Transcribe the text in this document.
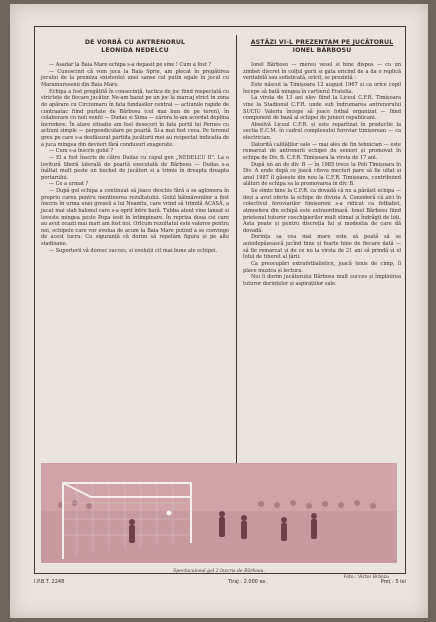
DE VORBĂ CU ANTRENORUL
LEONIDA NEDELCU

— Asadar la Baia Mare echipa s-a depasit pe sine ! Cum a fost ?

— Cunoscind că vom juca la Baia Sprie, am plecat în pregătirea jocului de la premiza existentei unei sanse cel putin egale în jocul cu Maramuresenii din Baia Mare.

Echipa a fost pregătită în consecință, tactica de joc fiind respectată cu strictețe de fiecare jucător. Ne-am bazat pe un joc la marcaj strict în zona de apărare cu Circiumaru în fata fundasilor central — actiunile rapide de contraatac fiind purtate de Bărbosu (cel mai bun de pe teren), în colaborare cu noii veniti — Dudas si Sima — cărora le-am acordat deplina încredere. În atare situatie am fost desecori în fata portii lui Pernes cu actiuni simple — perpendiculare pe poartă. Si-a mai fost ceva. Pe terenul greu pe care s-a desfăsurat partida jucătorii mei au respectat indicatia de a juca mingea din deviieri fără condusuri exagerate.

— Cum s-a înscris golul ?

— El a fost înscris de către Dudas cu capul gen „NEDELCU II". La o lovitură liberă laterală de poartă executată de Bărbosu — Dudas s-a înăltat mult peste un buchet de jucători si a trimis în dreapta dreapta portarului.

— Ce a urmat ?

— După gol echipa a continuat să joace deschis fără a se aglomera în propriu careu pentru mentinerea rezultatului. Golul bălmăreniilor a fost înscris în urma unei greșeli a lui Neamtu, care vrind să trimită ACASĂ, a jucat mai slab balonul care s-a oprit între bară. Tubba atent vine lansat si loveste mingea peste Popa iesit în întimpinare. În repriza doua cei care au avut ocazii mai mari am fost noi. Orlcum rezultatul este valoros pentru noi, echipele care vor evolua de acum la Baia Mare putind a se convinge de acest lucru. Cu siguranță că dorim să repetăm figura și pe alte stadioane.

— Suporterii vă doresc succes, si evoluții cit mai bune ale echipei.

ASTĂZI VI-L PREZENTAM PE JUCĂTORUL
IONEL BĂRBOSU

Ionel Bărbosu — mereu vesel si bine dispus — cu un zimbet discret în colțul gurii si gata oricind de a da o replică veritabilă sau sofisticată, oricit, se prezintă :

Este născut la Timișoara 12 august 1967 si ca orice copil începe să bată mingea în cartierul Fratelia.

La virsta de 13 ani elev fiind la Liceul C.F.R. Timișoara vine la Stadionul C.F.R. unde sub îndrumarea antrenorului SUCIU Valeriu începe să joace fotbal organizat — fiind component de bază al echipei de juniori republicani.

Absolvă Liceul C.F.R. și este repartizat în productie la sectia E.C.M. în cadrul complexului feroviar timișorean — ca electrician.

Datorită calităților sale — mai ales de fin tehnician — este remarcat de antrenorii echipei de seniori și promovat în echipa de Div. B. C.F.R. Timișoara la virsta de 17 ani.

După un an de div. B — în 1985 trece la Poli Timișoara în Div. A unde după ce joacă citeva meciuri pare să fie uitat și anul 1987 îl găsește din nou la C.F.R. Timișoara, contribuind alături de echipa sa la promovarea în div. B.

Se simte bine la C.F.R. ca dovadă că nu a părăsit echipa — deși a avut oferte la echipe de divizia A. Consideră că aici în colectivul feroviarilor timișoreni s-a ridicat ca fotbalist, atmosfera din echipă este extraordinară. Ionel Bărbosu fiind prietenul tuturor coechipierilor mult stimat și îndrăgit de toți. Asta poate și pentru discreția lui și modestia de care dă dovadă.

Dorința sa cea mai mare este să poată să se autodepășească jucînd bine și foarte bine de fiecare dată — să fie remarcat și de ce nu la virsta de 21 ani să prindă și el lotul de tineret al țării.

Ca preocupări extrafotbalistice, joacă tenis de cimp, îi place muzica și lectura.

Noi îi dorim jucătorului Bărbosu mult succes și împlinirea tuturor dorințelor și aspirațiilor sale.

Spectaculosul gol 2 înscris de Bărbosu.
Foto : Victor Brânzu
I.P.B.T. 2248	Tiraj : 2.000 ex.	Preț : 5 lei
